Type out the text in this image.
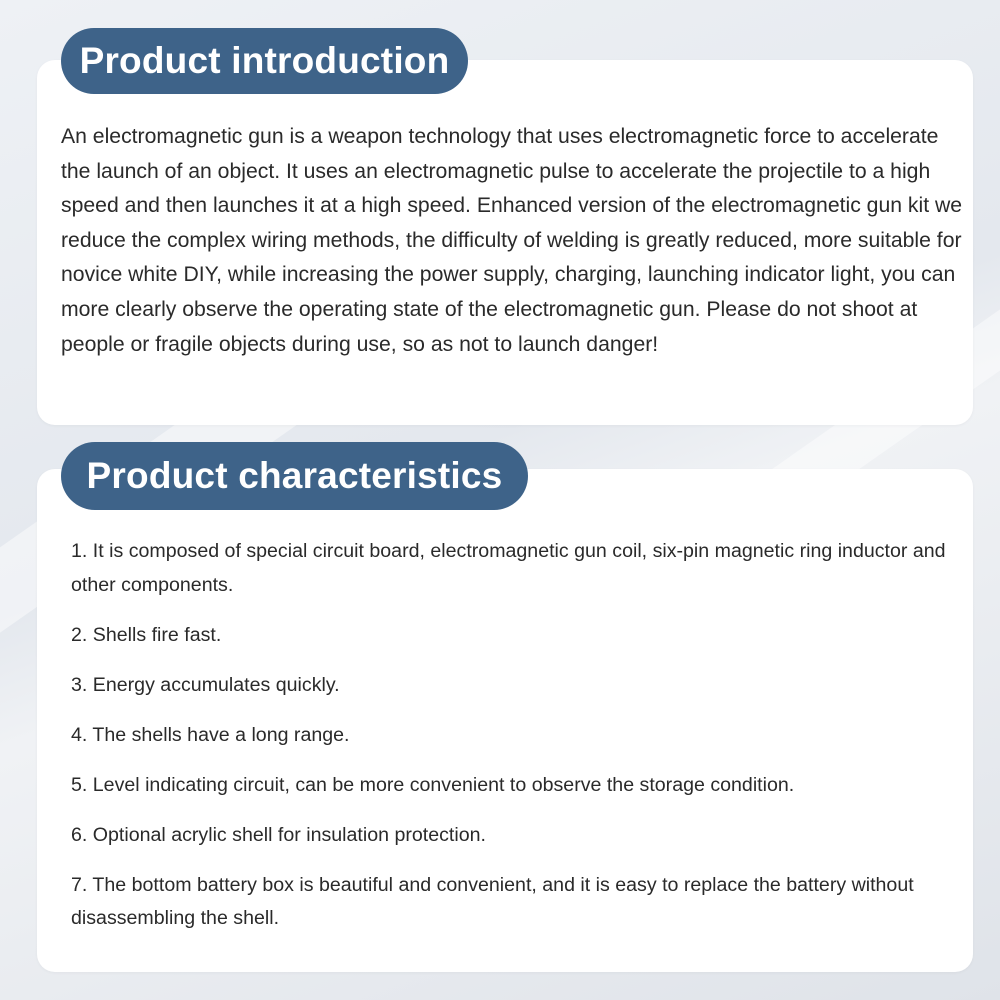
Product introduction

An electromagnetic gun is a weapon technology that uses electromagnetic force to accelerate the launch of an object. It uses an electromagnetic pulse to accelerate the projectile to a high speed and then launches it at a high speed. Enhanced version of the electromagnetic gun kit we reduce the complex wiring methods, the difficulty of welding is greatly reduced, more suitable for novice white DIY, while increasing the power supply, charging, launching indicator light, you can more clearly observe the operating state of the electromagnetic gun. Please do not shoot at people or fragile objects during use, so as not to launch danger!

Product characteristics
1. It is composed of special circuit board, electromagnetic gun coil, six-pin magnetic ring inductor and other components.
2. Shells fire fast.
3. Energy accumulates quickly.
4. The shells have a long range.
5. Level indicating circuit, can be more convenient to observe the storage condition.
6. Optional acrylic shell for insulation protection.
7. The bottom battery box is beautiful and convenient, and it is easy to replace the battery without disassembling the shell.
